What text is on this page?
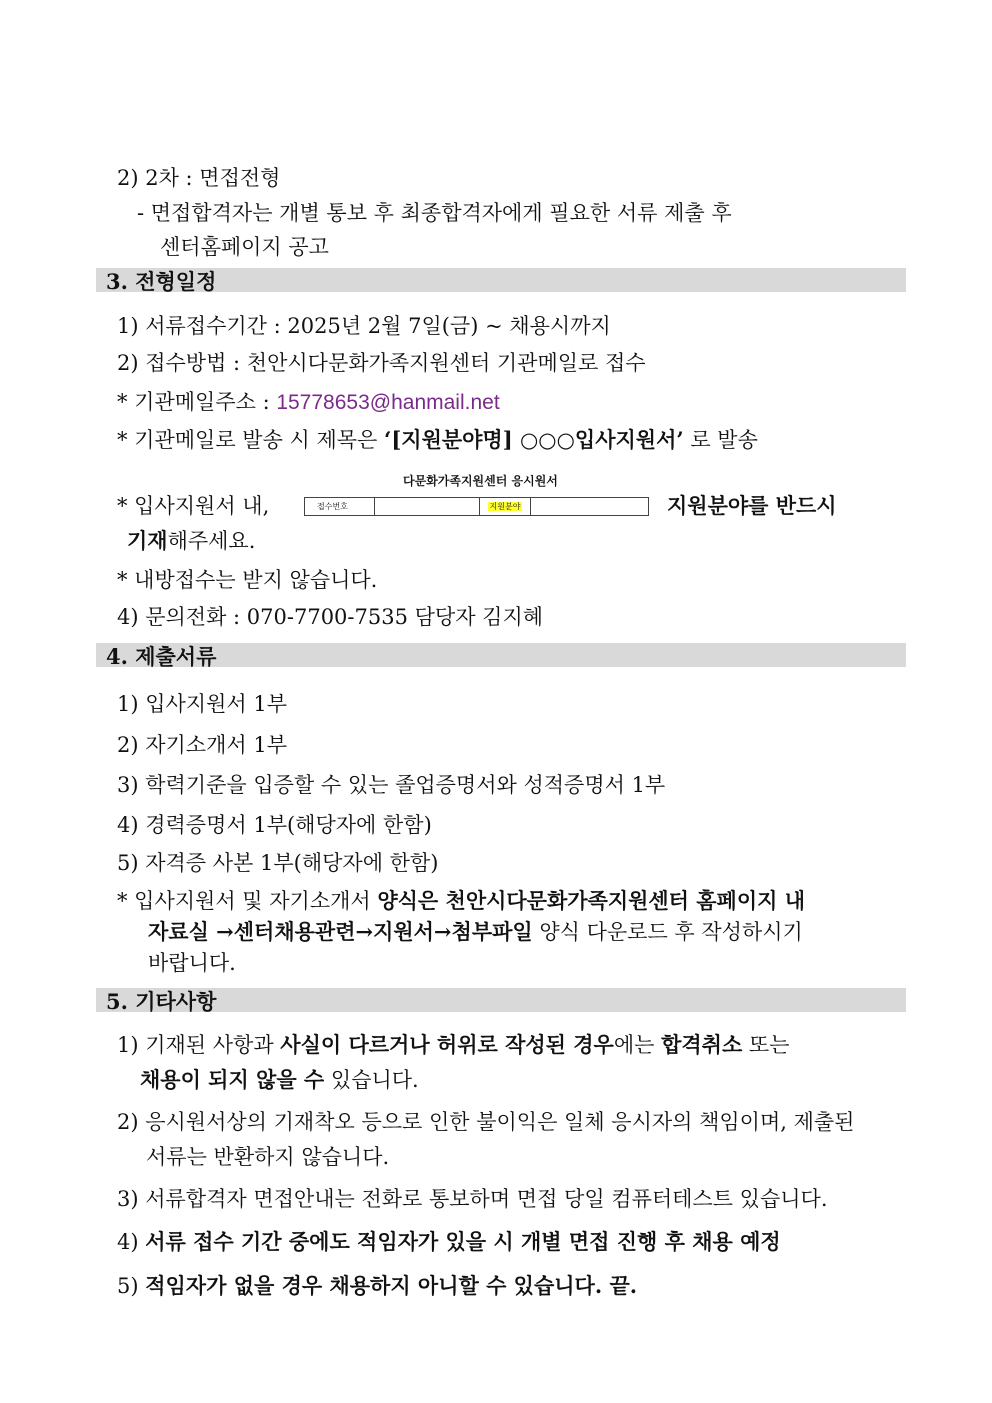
2) 2차 : 면접전형
- 면접합격자는 개별 통보 후 최종합격자에게 필요한 서류 제출 후
센터홈페이지 공고
3. 전형일정
1) 서류접수기간 : 2025년 2월 7일(금) ~ 채용시까지
2) 접수방법 : 천안시다문화가족지원센터 기관메일로 접수
* 기관메일주소 : 15778653@hanmail.net
* 기관메일로 발송 시 제목은 ‘[지원분야명] ○○○입사지원서’ 로 발송
다문화가족지원센터 응시원서
* 입사지원서 내,	접수번호	지원분야	지원분야를 반드시
기재해주세요.
* 내방접수는 받지 않습니다.
4) 문의전화 : 070-7700-7535 담당자 김지혜
4. 제출서류
1) 입사지원서 1부
2) 자기소개서 1부
3) 학력기준을 입증할 수 있는 졸업증명서와 성적증명서 1부
4) 경력증명서 1부(해당자에 한함)
5) 자격증 사본 1부(해당자에 한함)
* 입사지원서 및 자기소개서 양식은 천안시다문화가족지원센터 홈페이지 내
자료실 →센터채용관련→지원서→첨부파일 양식 다운로드 후 작성하시기
바랍니다.
5. 기타사항
1) 기재된 사항과 사실이 다르거나 허위로 작성된 경우에는 합격취소 또는
채용이 되지 않을 수 있습니다.
2) 응시원서상의 기재착오 등으로 인한 불이익은 일체 응시자의 책임이며, 제출된
서류는 반환하지 않습니다.
3) 서류합격자 면접안내는 전화로 통보하며 면접 당일 컴퓨터테스트 있습니다.
4) 서류 접수 기간 중에도 적임자가 있을 시 개별 면접 진행 후 채용 예정
5) 적임자가 없을 경우 채용하지 아니할 수 있습니다. 끝.
